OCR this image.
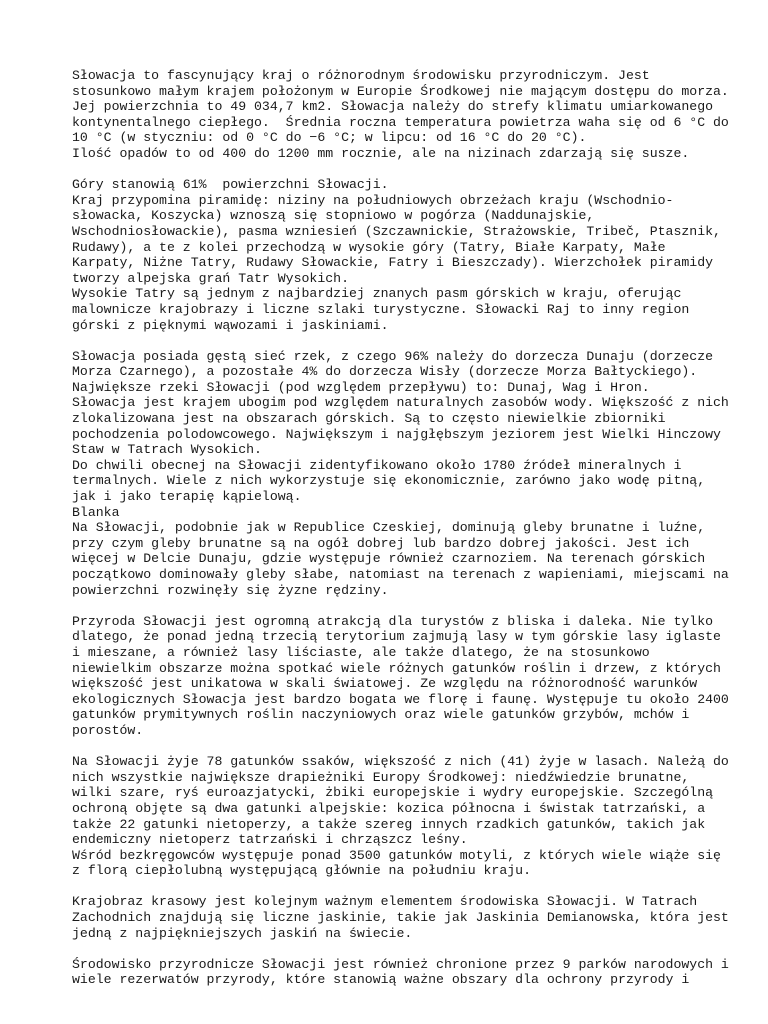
Słowacja to fascynujący kraj o różnorodnym środowisku przyrodniczym. Jest
stosunkowo małym krajem położonym w Europie Środkowej nie mającym dostępu do morza.
Jej powierzchnia to 49 034,7 km2. Słowacja należy do strefy klimatu umiarkowanego
kontynentalnego ciepłego.  Średnia roczna temperatura powietrza waha się od 6 °C do
10 °C (w styczniu: od 0 °C do −6 °C; w lipcu: od 16 °C do 20 °C).
Ilość opadów to od 400 do 1200 mm rocznie, ale na nizinach zdarzają się susze.

Góry stanowią 61%  powierzchni Słowacji.
Kraj przypomina piramidę: niziny na południowych obrzeżach kraju (Wschodnio-
słowacka, Koszycka) wznoszą się stopniowo w pogórza (Naddunajskie,
Wschodniosłowackie), pasma wzniesień (Szczawnickie, Strażowskie, Tribeč, Ptasznik,
Rudawy), a te z kolei przechodzą w wysokie góry (Tatry, Białe Karpaty, Małe
Karpaty, Niżne Tatry, Rudawy Słowackie, Fatry i Bieszczady). Wierzchołek piramidy
tworzy alpejska grań Tatr Wysokich.
Wysokie Tatry są jednym z najbardziej znanych pasm górskich w kraju, oferując
malownicze krajobrazy i liczne szlaki turystyczne. Słowacki Raj to inny region
górski z pięknymi wąwozami i jaskiniami.

Słowacja posiada gęstą sieć rzek, z czego 96% należy do dorzecza Dunaju (dorzecze
Morza Czarnego), a pozostałe 4% do dorzecza Wisły (dorzecze Morza Bałtyckiego).
Największe rzeki Słowacji (pod względem przepływu) to: Dunaj, Wag i Hron.
Słowacja jest krajem ubogim pod względem naturalnych zasobów wody. Większość z nich
zlokalizowana jest na obszarach górskich. Są to często niewielkie zbiorniki
pochodzenia polodowcowego. Największym i najgłębszym jeziorem jest Wielki Hinczowy
Staw w Tatrach Wysokich.
Do chwili obecnej na Słowacji zidentyfikowano około 1780 źródeł mineralnych i
termalnych. Wiele z nich wykorzystuje się ekonomicznie, zarówno jako wodę pitną,
jak i jako terapię kąpielową.
Blanka
Na Słowacji, podobnie jak w Republice Czeskiej, dominują gleby brunatne i luźne,
przy czym gleby brunatne są na ogół dobrej lub bardzo dobrej jakości. Jest ich
więcej w Delcie Dunaju, gdzie występuje również czarnoziem. Na terenach górskich
początkowo dominowały gleby słabe, natomiast na terenach z wapieniami, miejscami na
powierzchni rozwinęły się żyzne rędziny.

Przyroda Słowacji jest ogromną atrakcją dla turystów z bliska i daleka. Nie tylko
dlatego, że ponad jedną trzecią terytorium zajmują lasy w tym górskie lasy iglaste
i mieszane, a również lasy liściaste, ale także dlatego, że na stosunkowo
niewielkim obszarze można spotkać wiele różnych gatunków roślin i drzew, z których
większość jest unikatowa w skali światowej. Ze względu na różnorodność warunków
ekologicznych Słowacja jest bardzo bogata we florę i faunę. Występuje tu około 2400
gatunków prymitywnych roślin naczyniowych oraz wiele gatunków grzybów, mchów i
porostów.

Na Słowacji żyje 78 gatunków ssaków, większość z nich (41) żyje w lasach. Należą do
nich wszystkie największe drapieżniki Europy Środkowej: niedźwiedzie brunatne,
wilki szare, ryś euroazjatycki, żbiki europejskie i wydry europejskie. Szczególną
ochroną objęte są dwa gatunki alpejskie: kozica północna i świstak tatrzański, a
także 22 gatunki nietoperzy, a także szereg innych rzadkich gatunków, takich jak
endemiczny nietoperz tatrzański i chrząszcz leśny.
Wśród bezkręgowców występuje ponad 3500 gatunków motyli, z których wiele wiąże się
z florą ciepłolubną występującą głównie na południu kraju.

Krajobraz krasowy jest kolejnym ważnym elementem środowiska Słowacji. W Tatrach
Zachodnich znajdują się liczne jaskinie, takie jak Jaskinia Demianowska, która jest
jedną z najpiękniejszych jaskiń na świecie.

Środowisko przyrodnicze Słowacji jest również chronione przez 9 parków narodowych i
wiele rezerwatów przyrody, które stanowią ważne obszary dla ochrony przyrody i
